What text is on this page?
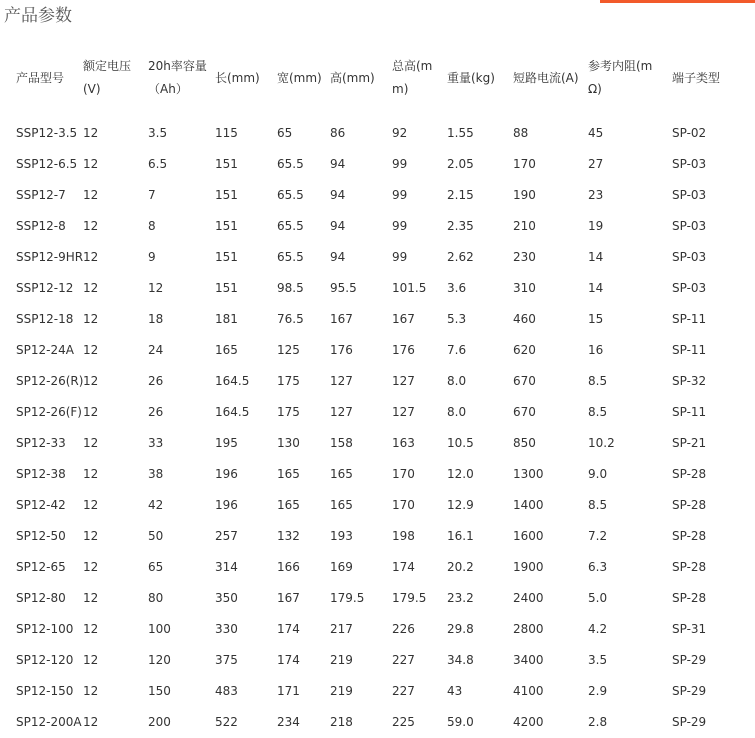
产品参数
产品型号	额定电压(V)	20h率容量（Ah）	长(mm)	宽(mm)	高(mm)	总高(mm)	重量(kg)	短路电流(A)	参考内阻(mΩ)	端子类型

SSP12-3.5	12	3.5	115	65	86	92	1.55	88	45	SP-02
SSP12-6.5	12	6.5	151	65.5	94	99	2.05	170	27	SP-03
SSP12-7	12	7	151	65.5	94	99	2.15	190	23	SP-03
SSP12-8	12	8	151	65.5	94	99	2.35	210	19	SP-03
SSP12-9HR	12	9	151	65.5	94	99	2.62	230	14	SP-03
SSP12-12	12	12	151	98.5	95.5	101.5	3.6	310	14	SP-03
SSP12-18	12	18	181	76.5	167	167	5.3	460	15	SP-11
SP12-24A	12	24	165	125	176	176	7.6	620	16	SP-11
SP12-26(R)	12	26	164.5	175	127	127	8.0	670	8.5	SP-32
SP12-26(F)	12	26	164.5	175	127	127	8.0	670	8.5	SP-11
SP12-33	12	33	195	130	158	163	10.5	850	10.2	SP-21
SP12-38	12	38	196	165	165	170	12.0	1300	9.0	SP-28
SP12-42	12	42	196	165	165	170	12.9	1400	8.5	SP-28
SP12-50	12	50	257	132	193	198	16.1	1600	7.2	SP-28
SP12-65	12	65	314	166	169	174	20.2	1900	6.3	SP-28
SP12-80	12	80	350	167	179.5	179.5	23.2	2400	5.0	SP-28
SP12-100	12	100	330	174	217	226	29.8	2800	4.2	SP-31
SP12-120	12	120	375	174	219	227	34.8	3400	3.5	SP-29
SP12-150	12	150	483	171	219	227	43	4100	2.9	SP-29
SP12-200A	12	200	522	234	218	225	59.0	4200	2.8	SP-29
